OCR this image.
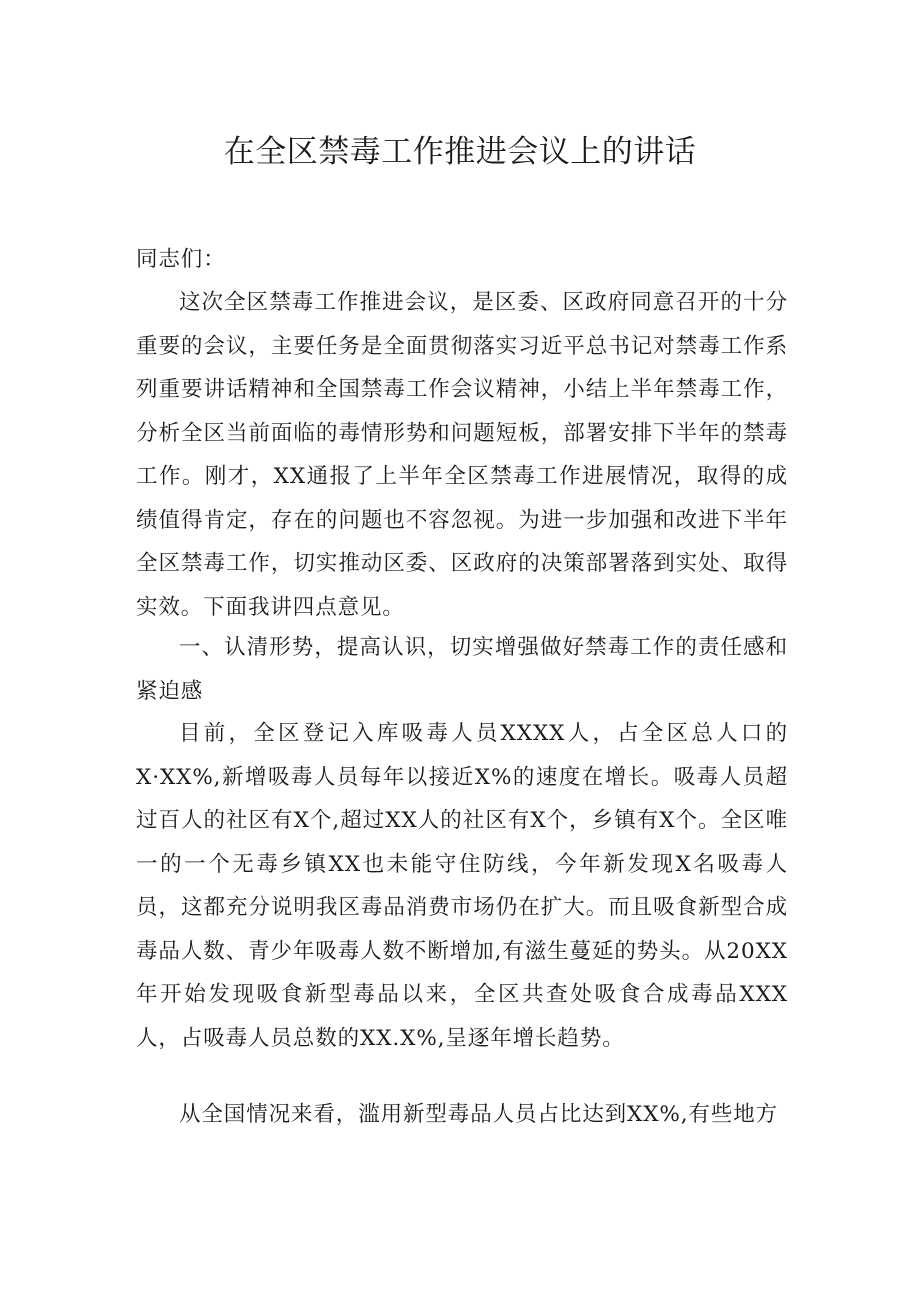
在全区禁毒工作推进会议上的讲话

同志们：

这次全区禁毒工作推进会议，是区委、区政府同意召开的十分重要的会议，主要任务是全面贯彻落实习近平总书记对禁毒工作系列重要讲话精神和全国禁毒工作会议精神，小结上半年禁毒工作，分析全区当前面临的毒情形势和问题短板，部署安排下半年的禁毒工作。刚才，XX通报了上半年全区禁毒工作进展情况，取得的成绩值得肯定，存在的问题也不容忽视。为进一步加强和改进下半年全区禁毒工作，切实推动区委、区政府的决策部署落到实处、取得实效。下面我讲四点意见。

一、认清形势，提高认识，切实增强做好禁毒工作的责任感和紧迫感

目前，全区登记入库吸毒人员XXXX人，占全区总人口的X·XX%,新增吸毒人员每年以接近X%的速度在增长。吸毒人员超过百人的社区有X个,超过XX人的社区有X个，乡镇有X个。全区唯一的一个无毒乡镇XX也未能守住防线，今年新发现X名吸毒人员，这都充分说明我区毒品消费市场仍在扩大。而且吸食新型合成毒品人数、青少年吸毒人数不断增加,有滋生蔓延的势头。从20XX年开始发现吸食新型毒品以来，全区共查处吸食合成毒品XXX人，占吸毒人员总数的XX.X%,呈逐年增长趋势。

从全国情况来看，滥用新型毒品人员占比达到XX%,有些地方
